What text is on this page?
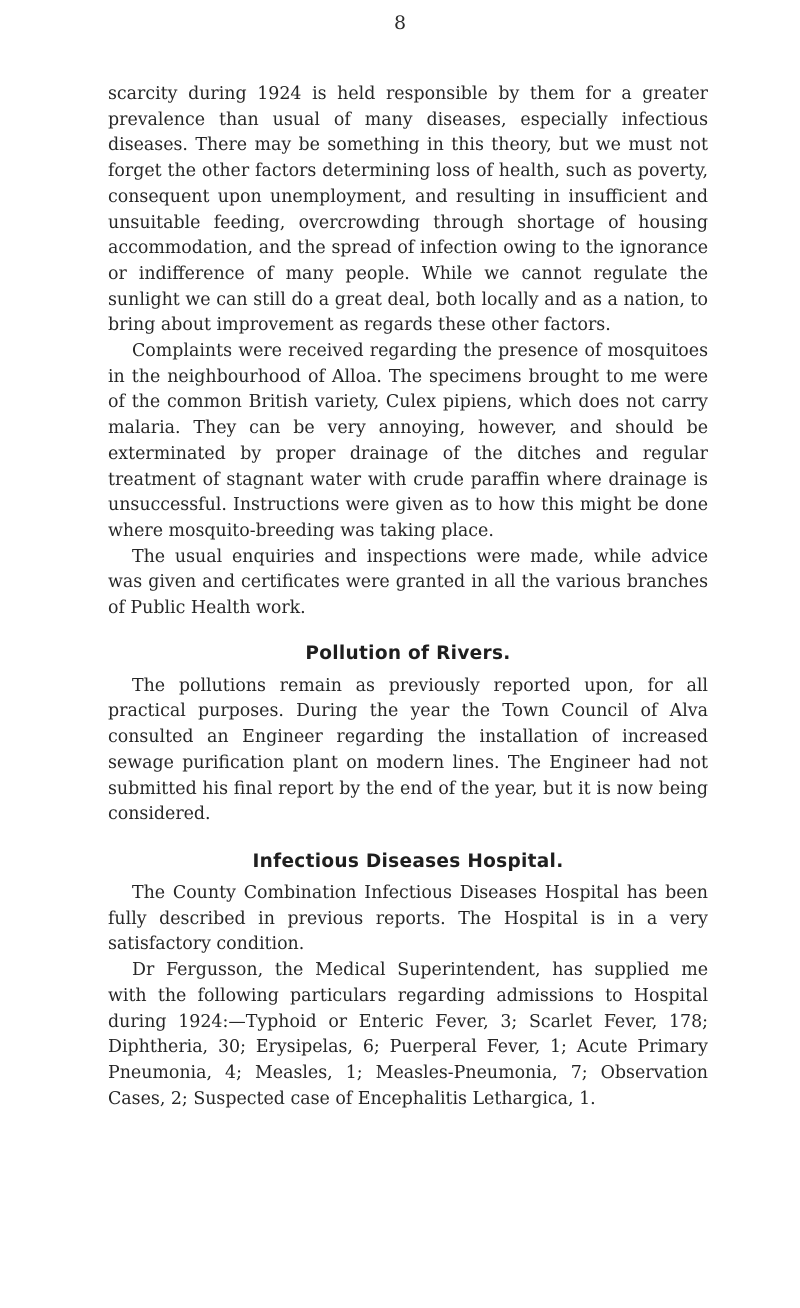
8

scarcity during 1924 is held responsible by them for a greater prevalence than usual of many diseases, especially infectious diseases. There may be something in this theory, but we must not forget the other factors determining loss of health, such as poverty, consequent upon unemployment, and resulting in insufficient and unsuitable feeding, overcrowding through shortage of housing accommodation, and the spread of infection owing to the ignorance or indifference of many people. While we cannot regulate the sunlight we can still do a great deal, both locally and as a nation, to bring about improvement as regards these other factors.

Complaints were received regarding the presence of mosquitoes in the neighbourhood of Alloa. The specimens brought to me were of the common British variety, Culex pipiens, which does not carry malaria. They can be very annoying, however, and should be exterminated by proper drainage of the ditches and regular treatment of stagnant water with crude paraffin where drainage is unsuccessful. Instructions were given as to how this might be done where mosquito-breeding was taking place.

The usual enquiries and inspections were made, while advice was given and certificates were granted in all the various branches of Public Health work.

Pollution of Rivers.

The pollutions remain as previously reported upon, for all practical purposes. During the year the Town Council of Alva consulted an Engineer regarding the installation of increased sewage purification plant on modern lines. The Engineer had not submitted his final report by the end of the year, but it is now being considered.

Infectious Diseases Hospital.

The County Combination Infectious Diseases Hospital has been fully described in previous reports. The Hospital is in a very satisfactory condition.

Dr Fergusson, the Medical Superintendent, has supplied me with the following particulars regarding admissions to Hospital during 1924:—Typhoid or Enteric Fever, 3; Scarlet Fever, 178; Diphtheria, 30; Erysipelas, 6; Puerperal Fever, 1; Acute Primary Pneumonia, 4; Measles, 1; Measles-Pneumonia, 7; Observation Cases, 2; Suspected case of Encephalitis Lethargica, 1.
